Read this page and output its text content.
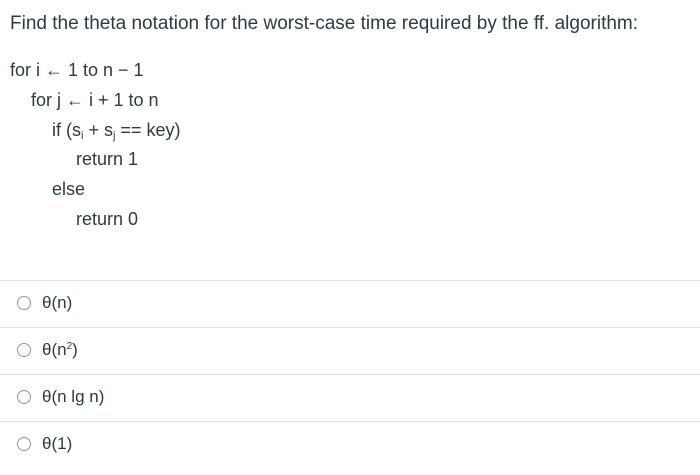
Find the theta notation for the worst-case time required by the ff. algorithm:
for i ← 1 to n − 1
for j ← i + 1 to n
if $(s_i + s_j == key)$
return 1
else
return 0
θ(n)
$\theta(n^2)$
θ(n lg n)
θ(1)
